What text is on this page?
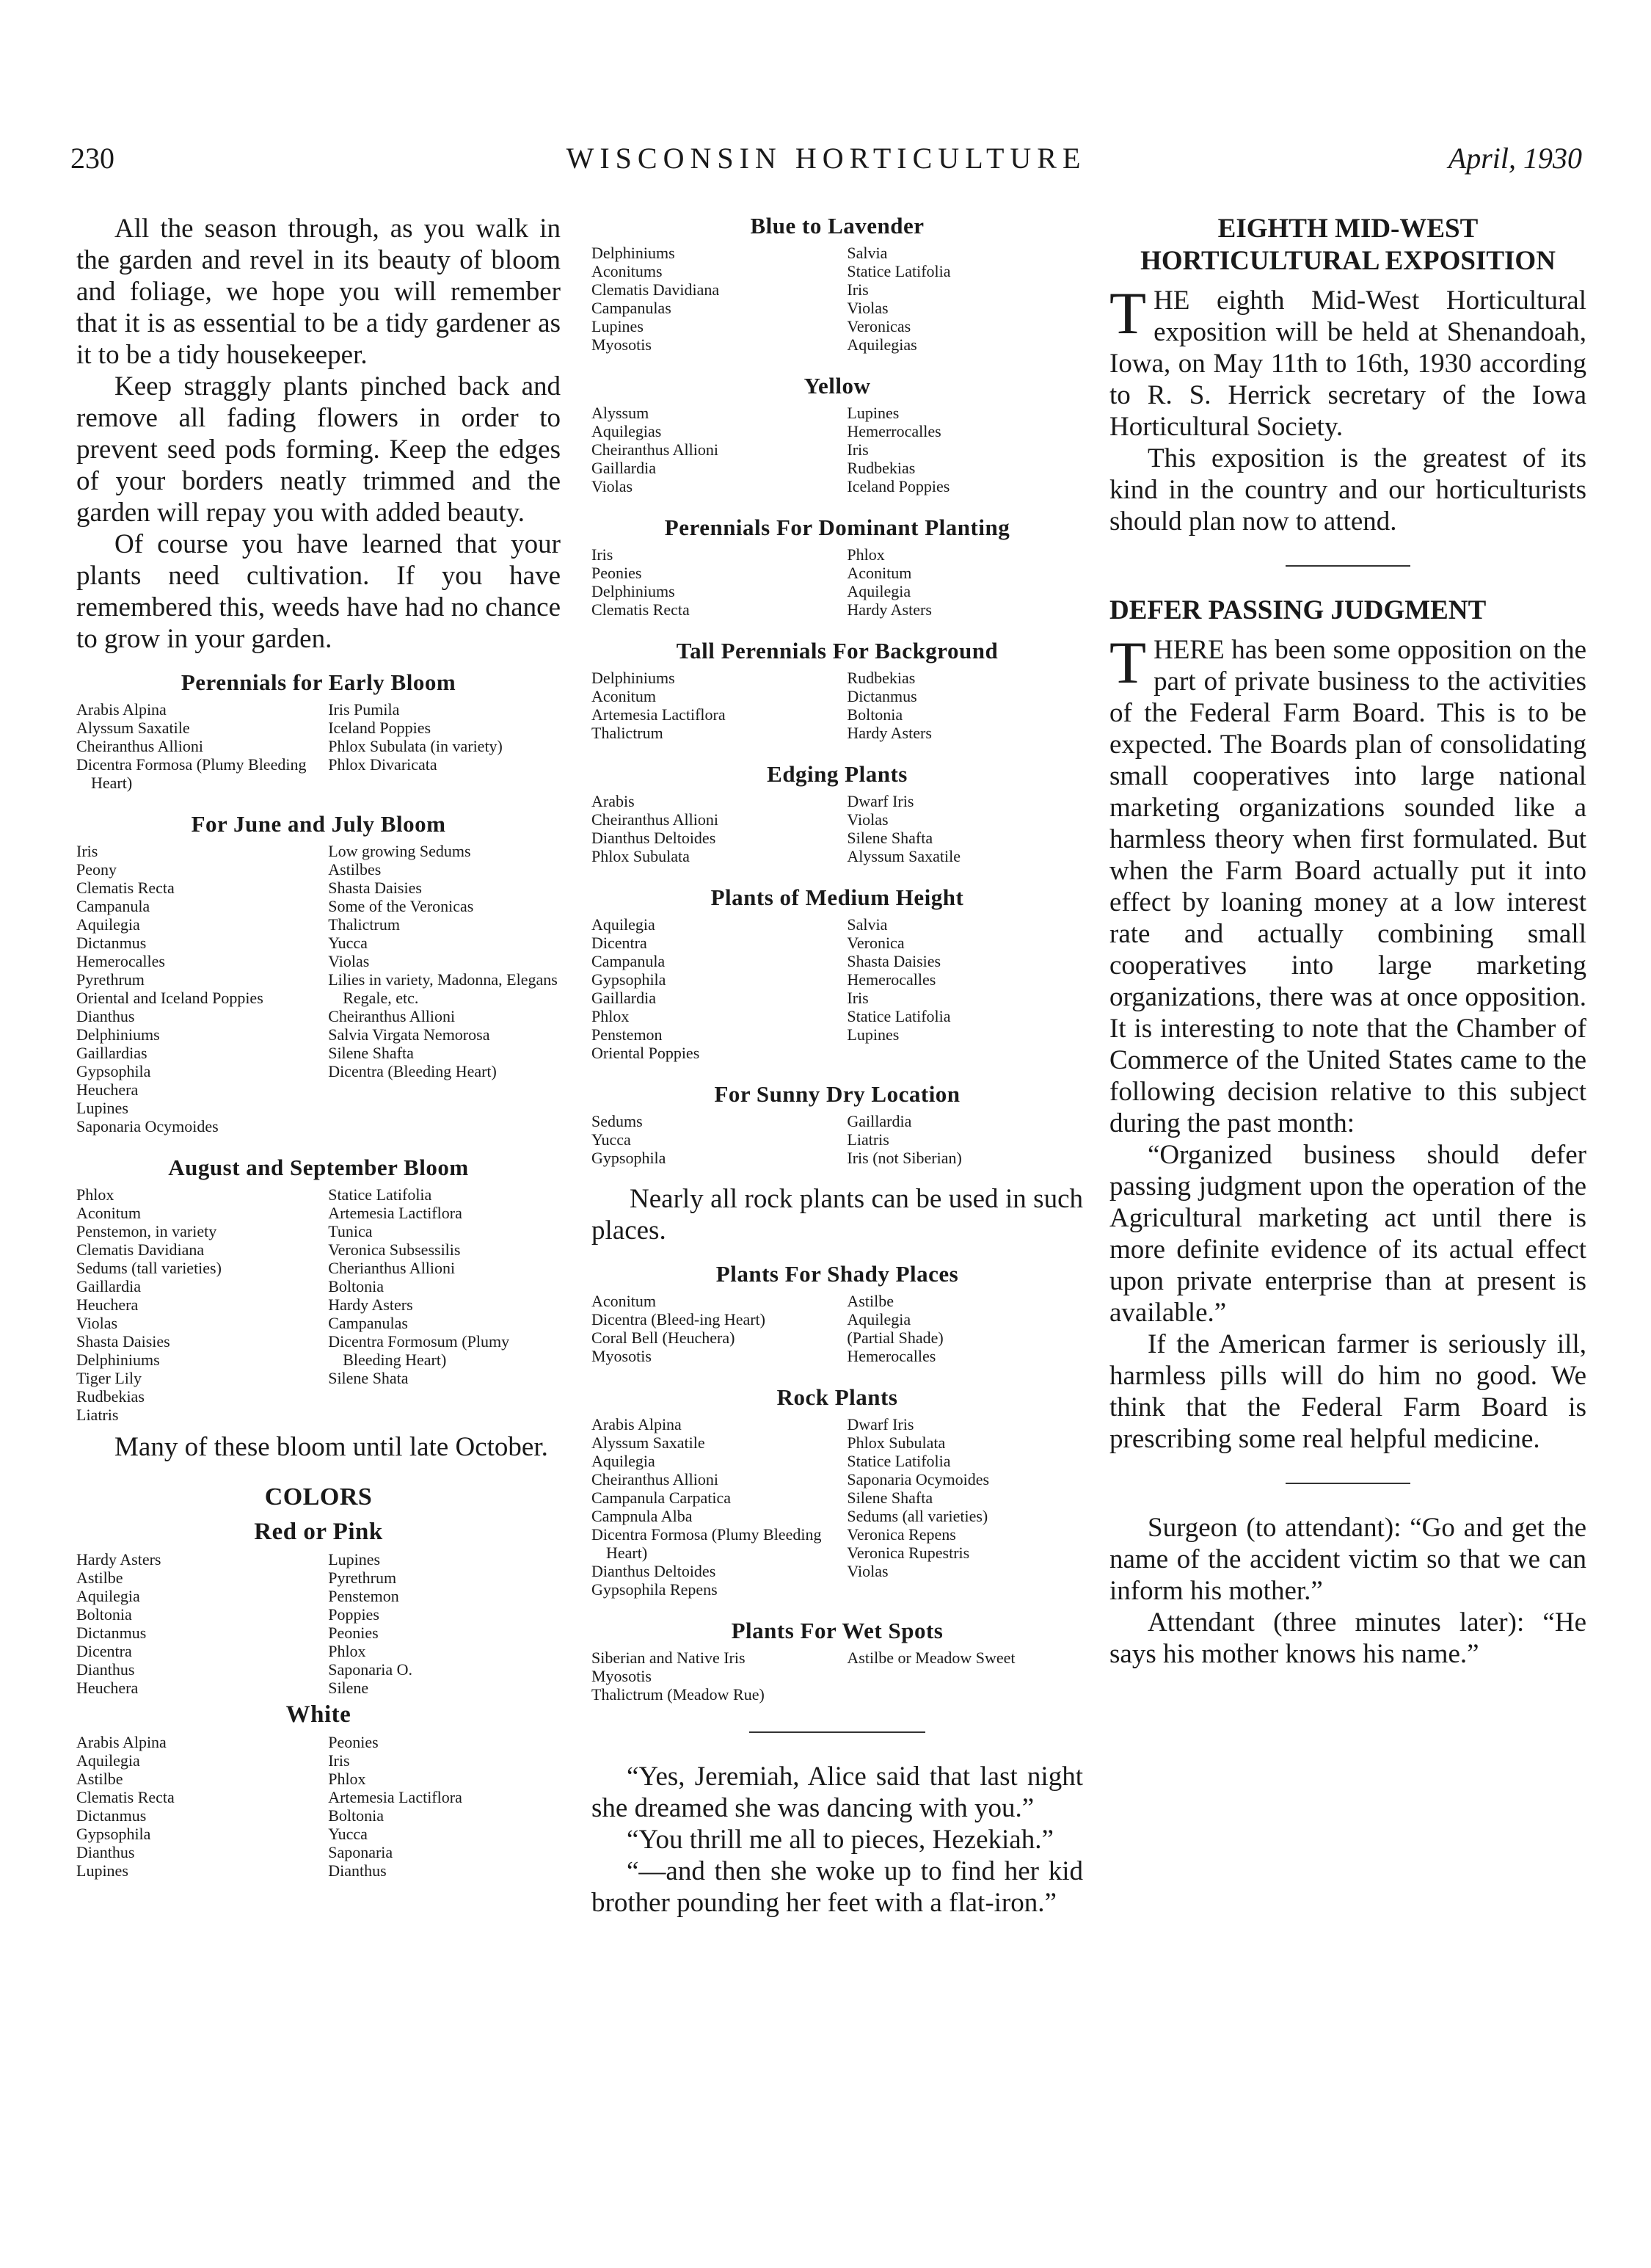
230	WISCONSIN HORTICULTURE	April, 1930

All the season through, as you walk in the garden and revel in its beauty of bloom and foliage, we hope you will remember that it is as essential to be a tidy gardener as it to be a tidy housekeeper.

Keep straggly plants pinched back and remove all fading flowers in order to prevent seed pods forming. Keep the edges of your borders neatly trimmed and the garden will repay you with added beauty.

Of course you have learned that your plants need cultivation. If you have remembered this, weeds have had no chance to grow in your garden.

Perennials for Early Bloom
Arabis Alpina
Alyssum Saxatile
Cheiranthus Allioni
Dicentra Formosa (Plumy Bleeding Heart)
Iris Pumila
Iceland Poppies
Phlox Subulata (in variety)
Phlox Divaricata
For June and July Bloom
Iris
Peony
Clematis Recta
Campanula
Aquilegia
Dictanmus
Hemerocalles
Pyrethrum
Oriental and Iceland Poppies
Dianthus
Delphiniums
Gaillardias
Gypsophila
Heuchera
Lupines
Saponaria Ocymoides
Low growing Sedums
Astilbes
Shasta Daisies
Some of the Veronicas
Thalictrum
Yucca
Violas
Lilies in variety, Madonna, Elegans Regale, etc.
Cheiranthus Allioni
Salvia Virgata Nemorosa
Silene Shafta
Dicentra (Bleeding Heart)
August and September Bloom
Phlox
Aconitum
Penstemon, in variety
Clematis Davidiana
Sedums (tall varieties)
Gaillardia
Heuchera
Violas
Shasta Daisies
Delphiniums
Tiger Lily
Rudbekias
Liatris
Statice Latifolia
Artemesia Lactiflora
Tunica
Veronica Subsessilis
Cherianthus Allioni
Boltonia
Hardy Asters
Campanulas
Dicentra Formosum (Plumy Bleeding Heart)
Silene Shata

Many of these bloom until late October.

COLORS
Red or Pink
Hardy Asters
Astilbe
Aquilegia
Boltonia
Dictanmus
Dicentra
Dianthus
Heuchera
Lupines
Pyrethrum
Penstemon
Poppies
Peonies
Phlox
Saponaria O.
Silene
White
Arabis Alpina
Aquilegia
Astilbe
Clematis Recta
Dictanmus
Gypsophila
Dianthus
Lupines
Peonies
Iris
Phlox
Artemesia Lactiflora
Boltonia
Yucca
Saponaria
Dianthus
Blue to Lavender
Delphiniums
Aconitums
Clematis Davidiana
Campanulas
Lupines
Myosotis
Salvia
Statice Latifolia
Iris
Violas
Veronicas
Aquilegias
Yellow
Alyssum
Aquilegias
Cheiranthus Allioni
Gaillardia
Violas
Lupines
Hemerrocalles
Iris
Rudbekias
Iceland Poppies
Perennials For Dominant Planting
Iris
Peonies
Delphiniums
Clematis Recta
Phlox
Aconitum
Aquilegia
Hardy Asters
Tall Perennials For Background
Delphiniums
Aconitum
Artemesia Lactiflora
Thalictrum
Rudbekias
Dictanmus
Boltonia
Hardy Asters
Edging Plants
Arabis
Cheiranthus Allioni
Dianthus Deltoides
Phlox Subulata
Dwarf Iris
Violas
Silene Shafta
Alyssum Saxatile
Plants of Medium Height
Aquilegia
Dicentra
Campanula
Gypsophila
Gaillardia
Phlox
Penstemon
Oriental Poppies
Salvia
Veronica
Shasta Daisies
Hemerocalles
Iris
Statice Latifolia
Lupines
For Sunny Dry Location
Sedums
Yucca
Gypsophila
Gaillardia
Liatris
Iris (not Siberian)

Nearly all rock plants can be used in such places.

Plants For Shady Places
Aconitum
Dicentra (Bleed-ing Heart)
Coral Bell (Heuchera)
Myosotis
Astilbe
Aquilegia
(Partial Shade)
Hemerocalles
Rock Plants
Arabis Alpina
Alyssum Saxatile
Aquilegia
Cheiranthus Allioni
Campanula Carpatica
Campnula Alba
Dicentra Formosa (Plumy Bleeding Heart)
Dianthus Deltoides
Gypsophila Repens
Dwarf Iris
Phlox Subulata
Statice Latifolia
Saponaria Ocymoides
Silene Shafta
Sedums (all varieties)
Veronica Repens
Veronica Rupestris
Violas
Plants For Wet Spots
Siberian and Native Iris
Myosotis
Thalictrum (Meadow Rue)
Astilbe or Meadow Sweet

“Yes, Jeremiah, Alice said that last night she dreamed she was dancing with you.”

“You thrill me all to pieces, Hezekiah.”

“—and then she woke up to find her kid brother pounding her feet with a flat-iron.”

EIGHTH MID-WEST HORTICULTURAL EXPOSITION

THE eighth Mid-West Horticultural exposition will be held at Shenandoah, Iowa, on May 11th to 16th, 1930 according to R. S. Herrick secretary of the Iowa Horticultural Society.

This exposition is the greatest of its kind in the country and our horticulturists should plan now to attend.

DEFER PASSING JUDGMENT

THERE has been some opposition on the part of private business to the activities of the Federal Farm Board. This is to be expected. The Boards plan of consolidating small cooperatives into large national marketing organizations sounded like a harmless theory when first formulated. But when the Farm Board actually put it into effect by loaning money at a low interest rate and actually combining small cooperatives into large marketing organizations, there was at once opposition. It is interesting to note that the Chamber of Commerce of the United States came to the following decision relative to this subject during the past month:

“Organized business should defer passing judgment upon the operation of the Agricultural marketing act until there is more definite evidence of its actual effect upon private enterprise than at present is available.”

If the American farmer is seriously ill, harmless pills will do him no good. We think that the Federal Farm Board is prescribing some real helpful medicine.

Surgeon (to attendant): “Go and get the name of the accident victim so that we can inform his mother.”

Attendant (three minutes later): “He says his mother knows his name.”
